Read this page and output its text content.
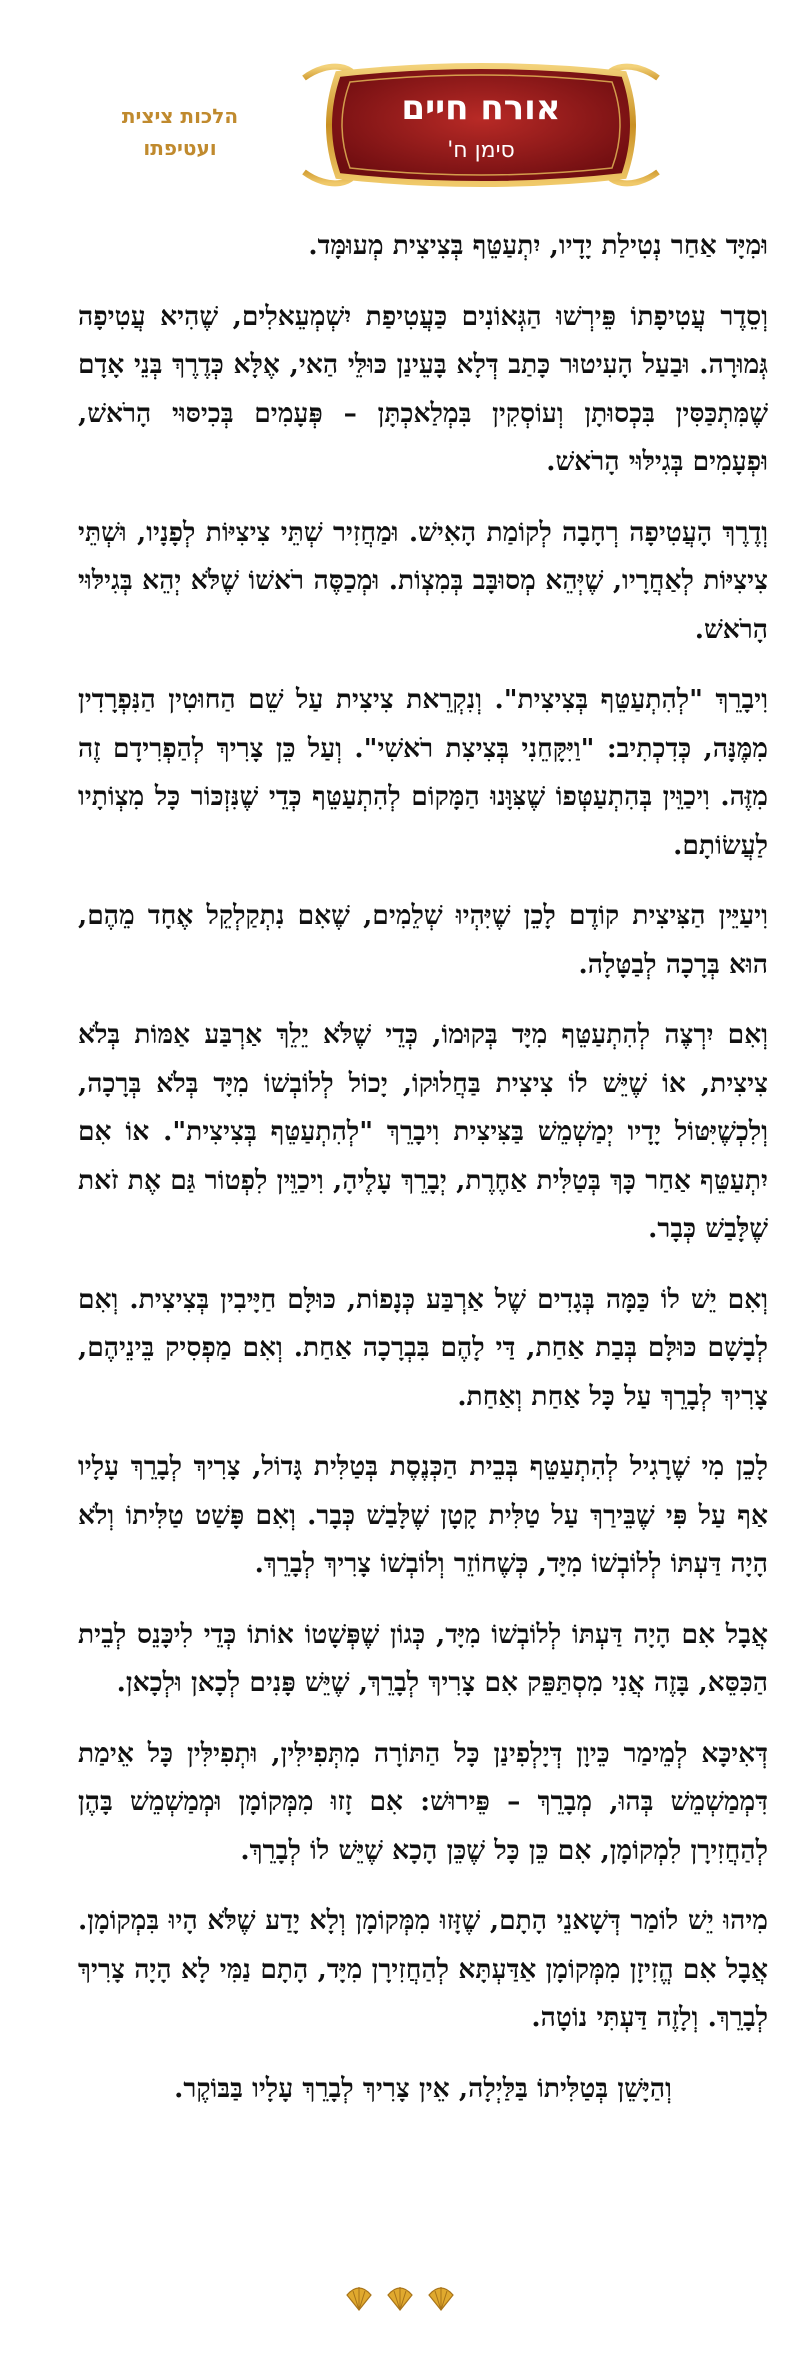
הלכות ציצית ועטיפתו
אורח חיים
סימן ח'

וּמִיָּד אַחַר נְטִילַת יָדָיו, יִתְעַטֵּף בְּצִיצִית מְעוּמָּד.

וְסֵדֶר עֲטִיפָתוֹ פֵּירְשׁוּ הַגְּאוֹנִים כַּעֲטִיפַת יִשְׁמְעֵאלִים, שֶׁהִיא עֲטִיפָה גְּמוּרָה. וּבַעַל הָעִיטוּר כָּתַב דְּלָא בָּעֵינַן כּוּלֵּי הַאי, אֶלָּא כְּדֶרֶךְ בְּנֵי אָדָם שֶׁמִּתְכַּסִּין בִּכְסוּתָן וְעוֹסְקִין בִּמְלַאכְתָּן – פְּעָמִים בְּכִיסּוּי הָרֹאשׁ, וּפְעָמִים בְּגִילּוּי הָרֹאשׁ.

וְדֶרֶךְ הָעֲטִיפָה רְחָבָה לְקוֹמַת הָאִישׁ. וּמַחֲזִיר שְׁתֵּי צִיצִיּוֹת לְפָנָיו, וּשְׁתֵּי צִיצִיּוֹת לְאַחֲרָיו, שֶׁיְּהֵא מְסוּבָּב בְּמִצְוֹת. וּמְכַסֶּה רֹאשׁוֹ שֶׁלֹּא יְהֵא בְּגִילּוּי הָרֹאשׁ.

וִיבָרֵךְ "לְהִתְעַטֵּף בְּצִיצִית". וְנִקְרֵאת צִיצִית עַל שֵׁם הַחוּטִין הַנִּפְרָדִין מִמֶּנָּה, כְּדִכְתִיב: "וַיִּקָּחֵנִי בְּצִיצִת רֹאשִׁי". וְעַל כֵּן צָרִיךְ לְהַפְרִידָם זֶה מִזֶּה. וִיכַוֵּין בְּהִתְעַטְּפוֹ שֶׁצִּוָּנוּ הַמָּקוֹם לְהִתְעַטֵּף כְּדֵי שֶׁנִּזְכּוֹר כָּל מִצְוֹתָיו לַעֲשׂוֹתָם.

וִיעַיֵּין הַצִּיצִית קוֹדֶם לָכֵן שֶׁיִּהְיוּ שְׁלֵמִים, שֶׁאִם נִתְקַלְקֵל אֶחָד מֵהֶם, הוּא בְּרָכָה לְבַטָּלָה.

וְאִם יִרְצֶה לְהִתְעַטֵּף מִיָּד בְּקוּמוֹ, כְּדֵי שֶׁלֹּא יֵלֵךְ אַרְבַּע אַמּוֹת בְּלֹא צִיצִית, אוֹ שֶׁיֵּשׁ לוֹ צִיצִית בַּחֲלוּקוֹ, יָכוֹל לְלוֹבְשׁוֹ מִיָּד בְּלֹא בְּרָכָה, וְלִכְשֶׁיִּטּוֹל יָדָיו יְמַשְׁמֵשׁ בַּצִּיצִית וִיבָרֵךְ "לְהִתְעַטֵּף בְּצִיצִית". אוֹ אִם יִתְעַטֵּף אַחַר כָּךְ בְּטַלִּית אַחֶרֶת, יְבָרֵךְ עָלֶיהָ, וִיכַוֵּין לִפְטוֹר גַּם אֶת זֹאת שֶׁלָּבַשׁ כְּבָר.

וְאִם יֵשׁ לוֹ כַּמָּה בְּגָדִים שֶׁל אַרְבַּע כְּנָפוֹת, כּוּלָּם חַיָּיבִין בְּצִיצִית. וְאִם לְבָשָׁם כּוּלָּם בְּבַת אַחַת, דַּי לָהֶם בִּבְרָכָה אַחַת. וְאִם מַפְסִיק בֵּינֵיהֶם, צָרִיךְ לְבָרֵךְ עַל כָּל אַחַת וְאַחַת.

לָכֵן מִי שֶׁרָגִיל לְהִתְעַטֵּף בְּבֵית הַכְּנֶסֶת בְּטַלִּית גָּדוֹל, צָרִיךְ לְבָרֵךְ עָלָיו אַף עַל פִּי שֶׁבֵּירַךְ עַל טַלִּית קָטָן שֶׁלָּבַשׁ כְּבָר. וְאִם פָּשַׁט טַלִּיתוֹ וְלֹא הָיָה דַּעְתּוֹ לְלוֹבְשׁוֹ מִיָּד, כְּשֶׁחוֹזֵר וְלוֹבְשׁוֹ צָרִיךְ לְבָרֵךְ.

אֲבָל אִם הָיָה דַּעְתּוֹ לְלוֹבְשׁוֹ מִיָּד, כְּגוֹן שֶׁפְּשָׁטוֹ אוֹתוֹ כְּדֵי לִיכָּנֵס לְבֵית הַכִּסֵּא, בָּזֶה אֲנִי מִסְתַּפֵּק אִם צָרִיךְ לְבָרֵךְ, שֶׁיֵּשׁ פָּנִים לְכָאן וּלְכָאן.

דְּאִיכָּא לְמֵימַר כֵּיוָן דְּיָלְפִינַן כָּל הַתּוֹרָה מִתְּפִילִּין, וּתְפִילִּין כָּל אֵימַת דִּמְמַשְׁמֵשׁ בְּהוּ, מְבָרֵךְ – פֵּירוּשׁ: אִם זָזוּ מִמְּקוֹמָן וּמְמַשְׁמֵשׁ בָּהֶן לְהַחֲזִירָן לִמְקוֹמָן, אִם כֵּן כָּל שֶׁכֵּן הָכָא שֶׁיֵּשׁ לוֹ לְבָרֵךְ.

מִיהוּ יֵשׁ לוֹמַר דְּשָׁאנֵי הָתָם, שֶׁזָּזוּ מִמְּקוֹמָן וְלָא יָדַע שֶׁלֹּא הָיוּ בִּמְקוֹמָן. אֲבָל אִם הֱזִיזָן מִמְּקוֹמָן אַדַּעְתָּא לְהַחֲזִירָן מִיָּד, הָתָם נַמִּי לָא הָיָה צָרִיךְ לְבָרֵךְ. וְלָזֶה דַּעְתִּי נוֹטָה.

וְהַיָּשֵׁן בְּטַלִּיתוֹ בַּלַּיְלָה, אֵין צָרִיךְ לְבָרֵךְ עָלָיו בַּבּוֹקֶר.
